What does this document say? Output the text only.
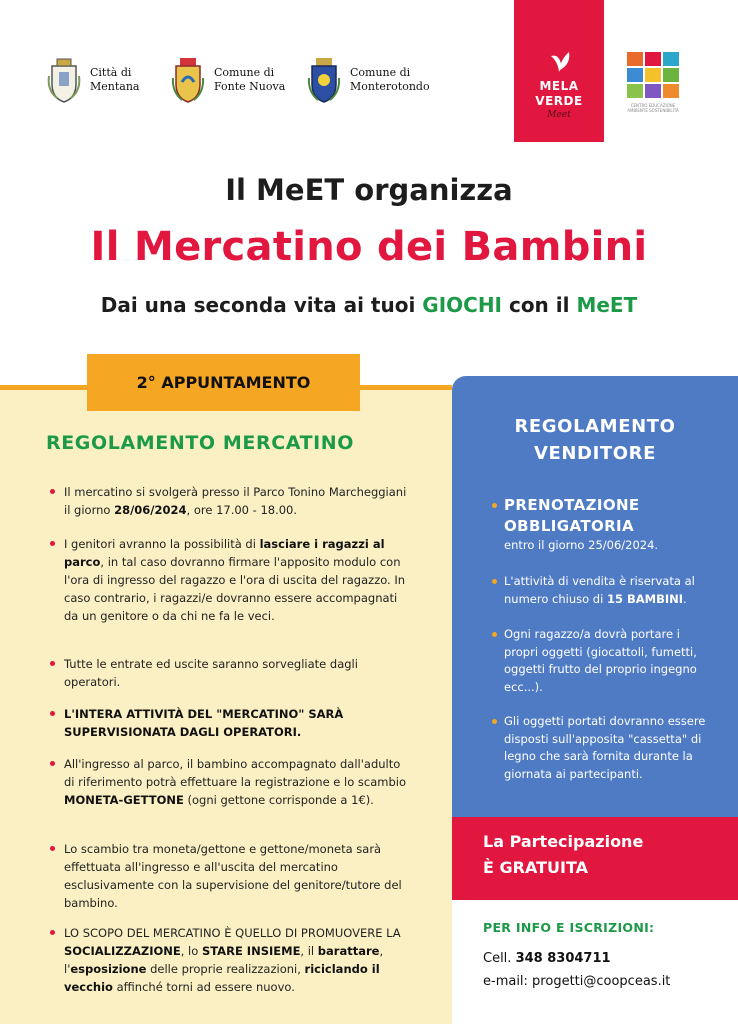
Città di
Mentana
Comune di
Fonte Nuova
Comune di
Monterotondo	MELA
VERDE
Meet
CENTRO EDUCAZIONE AMBIENTE SOSTENIBILITÀ
Il MeET organizza
Il Mercatino dei Bambini
Dai una seconda vita ai tuoi GIOCHI con il MeET
2° APPUNTAMENTO
REGOLAMENTO MERCATINO
Il mercatino si svolgerà presso il Parco Tonino Marcheggiani il giorno 28/06/2024, ore 17.00 - 18.00.
I genitori avranno la possibilità di lasciare i ragazzi al parco, in tal caso dovranno firmare l'apposito modulo con l'ora di ingresso del ragazzo e l'ora di uscita del ragazzo. In caso contrario, i ragazzi/e dovranno essere accompagnati da un genitore o da chi ne fa le veci.
Tutte le entrate ed uscite saranno sorvegliate dagli operatori.
L'INTERA ATTIVITÀ DEL "MERCATINO" SARÀ SUPERVISIONATA DAGLI OPERATORI.
All'ingresso al parco, il bambino accompagnato dall'adulto di riferimento potrà effettuare la registrazione e lo scambio MONETA-GETTONE (ogni gettone corrisponde a 1€).
Lo scambio tra moneta/gettone e gettone/moneta sarà effettuata all'ingresso e all'uscita del mercatino esclusivamente con la supervisione del genitore/tutore del bambino.
LO SCOPO DEL MERCATINO È QUELLO DI PROMUOVERE LA SOCIALIZZAZIONE, lo STARE INSIEME, il barattare, l'esposizione delle proprie realizzazioni, riciclando il vecchio affinché torni ad essere nuovo.
REGOLAMENTO
VENDITORE
PRENOTAZIONE
OBBLIGATORIA
entro il giorno 25/06/2024.
L'attività di vendita è riservata al numero chiuso di 15 BAMBINI.
Ogni ragazzo/a dovrà portare i propri oggetti (giocattoli, fumetti, oggetti frutto del proprio ingegno ecc...).
Gli oggetti portati dovranno essere disposti sull'apposita "cassetta" di legno che sarà fornita durante la giornata ai partecipanti.
La Partecipazione
È GRATUITA
PER INFO E ISCRIZIONI:
Cell. 348 8304711
e-mail: progetti@coopceas.it
